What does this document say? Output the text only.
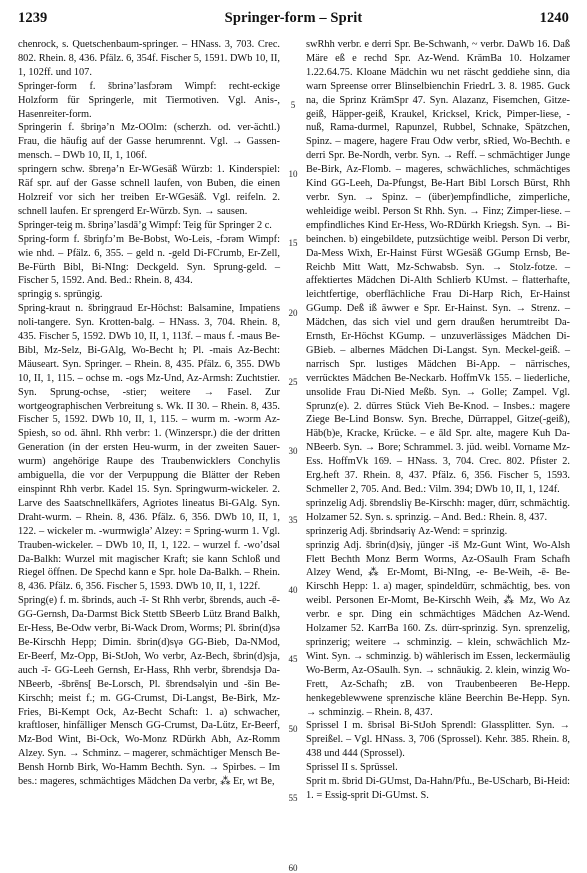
1239	Springer-form – Sprit	1240

chenrock, s. Quetschenbaum-springer. – HNass. 3, 703. Crec. 802. Rhein. 8, 436. Pfälz. 6, 354f. Fischer 5, 1591. DWb 10, II, 1, 102ff. und 107.

Springer-form f. šbrinə’lasfɔrəm Wimpf: recht-eckige Holzform für Springerle, mit Tiermotiven. Vgl. Anis-, Hasenreiter-form.

Springerin f. šbriŋə’n Mz-OOlm: (scherzh. od. ver-ächtl.) Frau, die häufig auf der Gasse herumrennt. Vgl. → Gassen-mensch. – DWb 10, II, 1, 106f.

springern schw. šbreŋə’n Er-WGesäß Würzb: 1. Kinderspiel: Räf spr. auf der Gasse schnell laufen, von Buben, die einen Holzreif vor sich her treiben Er-WGesäß. Vgl. reifeln. 2. schnell laufen. Er sprengerd Er-Würzb. Syn. → sausen.

Springer-teig m. šbriŋə’lasdā’g Wimpf: Teig für Springer 2 c.

Spring-form f. šbriŋfɔ’m Be-Bobst, Wo-Leis, -fɔrəm Wimpf: wie nhd. – Pfälz. 6, 355. – geld n. -geld Di-FCrumb, Er-Zell, Be-Fürth Bibl, Bi-NIng: Deckgeld. Syn. Sprung-geld. – Fischer 5, 1592. And. Bed.: Rhein. 8, 434.

springig s. sprüngig.

Spring-kraut n. šbriŋgraud Er-Höchst: Balsamine, Impatiens noli-tangere. Syn. Krotten-balg. – HNass. 3, 704. Rhein. 8, 435. Fischer 5, 1592. DWb 10, II, 1, 113f. – maus f. -maus Be-Bibl, Mz-Selz, Bi-GAlg, Wo-Becht h; Pl. -mais Az-Becht: Mäuseart. Syn. Springer. – Rhein. 8, 435. Pfälz. 6, 355. DWb 10, II, 1, 115. – ochse m. -ogs Mz-Und, Az-Armsh: Zuchtstier. Syn. Sprung-ochse, -stier; weitere → Fasel. Zur wortgeographischen Verbreitung s. Wk. II 30. – Rhein. 8, 435. Fischer 5, 1592. DWb 10, II, 1, 115. – wurm m. -wɔrm Az-Spiesh, so od. ähnl. Rhh verbr: 1. (Winzerspr.) die der dritten Generation (in der ersten Heu-wurm, in der zweiten Sauer-wurm) angehörige Raupe des Traubenwicklers Conchylis ambiguella, die vor der Verpuppung die Blätter der Reben einspinnt Rhh verbr. Kadel 15. Syn. Springwurm-wickeler. 2. Larve des Saatschnellkäfers, Agriotes lineatus Bi-GAlg. Syn. Draht-wurm. – Rhein. 8, 436. Pfälz. 6, 356. DWb 10, II, 1, 122. – wickeler m. -wurmwiglə’ Alzey: = Spring-wurm 1. Vgl. Trauben-wickeler. – DWb 10, II, 1, 122. – wurzel f. -wo’dsəl Da-Balkh: Wurzel mit magischer Kraft; sie kann Schloß und Riegel öffnen. De Spechd kann e Spr. hole Da-Balkh. – Rhein. 8, 436. Pfälz. 6, 356. Fischer 5, 1593. DWb 10, II, 1, 122f.

Spring(e) f. m. šbrinds, auch -ī- St Rhh verbr, šbrends, auch -ē- GG-Gernsh, Da-Darmst Bick Stettb SBeerb Lütz Brand Balkh, Er-Hess, Be-Odw verbr, Bi-Wack Drom, Worms; Pl. šbrin(d)sə Be-Kirschh Hepp; Dimin. šbrin(d)sγə GG-Bieb, Da-NMod, Er-Beerf, Mz-Opp, Bi-StJoh, Wo verbr, Az-Bech, šbrin(d)sja, auch -ī- GG-Leeh Gernsh, Er-Hass, Rhh verbr, šbrendsjə Da-NBeerb, -šbrēns[ Be-Lorsch, Pl. šbrendsəlγin und -šin Be-Kirschh; meist f.; m. GG-Crumst, Di-Langst, Be-Birk, Mz-Fries, Bi-Kempt Ock, Az-Becht Schaft: 1. a) schwacher, kraftloser, hinfälliger Mensch GG-Crumst, Da-Lütz, Er-Beerf, Mz-Bod Wint, Bi-Ock, Wo-Monz RDürkh Abh, Az-Romm Alzey. Syn. → Schminz. – magerer, schmächtiger Mensch Be-Bensh Hornb Birk, Wo-Hamm Bechth. Syn. → Spirbes. – Im bes.: mageres, schmächtiges Mädchen Da verbr, ⁂ Er, wt Be,

5
10
15
20
25
30
35
40
45
50
55
60

swRhh verbr. e derri Spr. Be-Schwanh, ~ verbr. DaWb 16. Daß Märe eß e rechd Spr. Az-Wend. KrämBa 10. Holzamer 1.22.64.75. Kloane Mädchin wu net räscht geddiehe sinn, dia warn Spreense orrer Blinselbienchin FriedrL 3. 8. 1985. Guck na, die Sprinz KrämSpr 47. Syn. Alazanz, Fisemchen, Gitze-geiß, Häpper-geiß, Kraukel, Kricksel, Krick, Pimper-liese, -nuß, Rama-durmel, Rapunzel, Rubbel, Schnake, Spätzchen, Spinz. – magere, hagere Frau Odw verbr, sRied, Wo-Bechth. e derri Spr. Be-Nordh, verbr. Syn. → Reff. – schmächtiger Junge Be-Birk, Az-Flomb. – mageres, schwächliches, schmächtiges Kind GG-Leeh, Da-Pfungst, Be-Hart Bibl Lorsch Bürst, Rhh verbr. Syn. → Spinz. – (über)empfindliche, zimperliche, wehleidige weibl. Person St Rhh. Syn. → Finz; Zimper-liese. – empfindliches Kind Er-Hess, Wo-RDürkh Kriegsh. Syn. → Bi-beinchen. b) eingebildete, putzsüchtige weibl. Person Di verbr, Da-Mess Wixh, Er-Hainst Fürst WGesäß GGump Ernsb, Be-Reichb Mitt Watt, Mz-Schwabsb. Syn. → Stolz-fotze. – affektiertes Mädchen Di-Alth Schlierb KUmst. – flatterhafte, leichtfertige, oberflächliche Frau Di-Harp Rich, Er-Hainst GGump. Deß iß äwwer e Spr. Er-Hainst. Syn. → Strenz. – Mädchen, das sich viel und gern draußen herumtreibt Da-Ernsth, Er-Höchst KGump. – unzuverlässiges Mädchen Di-GBieb. – albernes Mädchen Di-Langst. Syn. Meckel-geiß. – narrisch Spr. lustiges Mädchen Bi-App. – närrisches, verrücktes Mädchen Be-Neckarb. HoffmVk 155. – liederliche, unsolide Frau Di-Nied Meßb. Syn. → Golle; Zampel. Vgl. Sprunz(e). 2. dürres Stück Vieh Be-Knod. – Insbes.: magere Ziege Be-Lind Bonsw. Syn. Breche, Dürrappel, Gitze(-geiß), Häb(b)e, Kracke, Krücke. – e āld Spr. alte, magere Kuh Da-NBeerb. Syn. → Bore; Schrammel. 3. jüd. weibl. Vorname Mz-Ess. HoffmVk 169. – HNass. 3, 704. Crec. 802. Pfister 2. Erg.heft 37. Rhein. 8, 437. Pfälz. 6, 356. Fischer 5, 1593. Schmeller 2, 705. And. Bed.: Vilm. 394; DWb 10, II, 1, 124f.

sprinzelig Adj. šbrendsliγ Be-Kirschh: mager, dürr, schmächtig. Holzamer 52. Syn. s. sprinzig. – And. Bed.: Rhein. 8, 437.

sprinzerig Adj. šbrindsəriγ Az-Wend: = sprinzig.

sprinzig Adj. šbrin(d)siγ, jünger -iš Mz-Gunt Wint, Wo-Alsh Flett Bechth Monz Berm Worms, Az-OSaulh Fram Schafh Alzey Wend, ⁂ Er-Momt, Bi-NIng, -e- Be-Weih, -ē- Be-Kirschh Hepp: 1. a) mager, spindeldürr, schmächtig, bes. von weibl. Personen Er-Momt, Be-Kirschh Weih, ⁂ Mz, Wo Az verbr. e spr. Ding ein schmächtiges Mädchen Az-Wend. Holzamer 52. KarrBa 160. Zs. dürr-sprinzig. Syn. sprenzelig, sprinzerig; weitere → schminzig. – klein, schwächlich Mz-Wint. Syn. → schminzig. b) wählerisch im Essen, leckermäulig Wo-Berm, Az-OSaulh. Syn. → schnäukig. 2. klein, winzig Wo-Frett, Az-Schafh; zB. von Traubenbeeren Be-Hepp. henkegeblewwene sprenzische kläne Beerchin Be-Hepp. Syn. → schminzig. – Rhein. 8, 437.

Sprissel I m. šbrisəl Bi-StJoh Sprendl: Glassplitter. Syn. → Spreißel. – Vgl. HNass. 3, 706 (Sprossel). Kehr. 385. Rhein. 8, 438 und 444 (Sprossel).

Sprissel II s. Sprüssel.

Sprit m. šbrid Di-GUmst, Da-Hahn/Pfu., Be-UScharb, Bi-Heid: 1. = Essig-sprit Di-GUmst. S.
